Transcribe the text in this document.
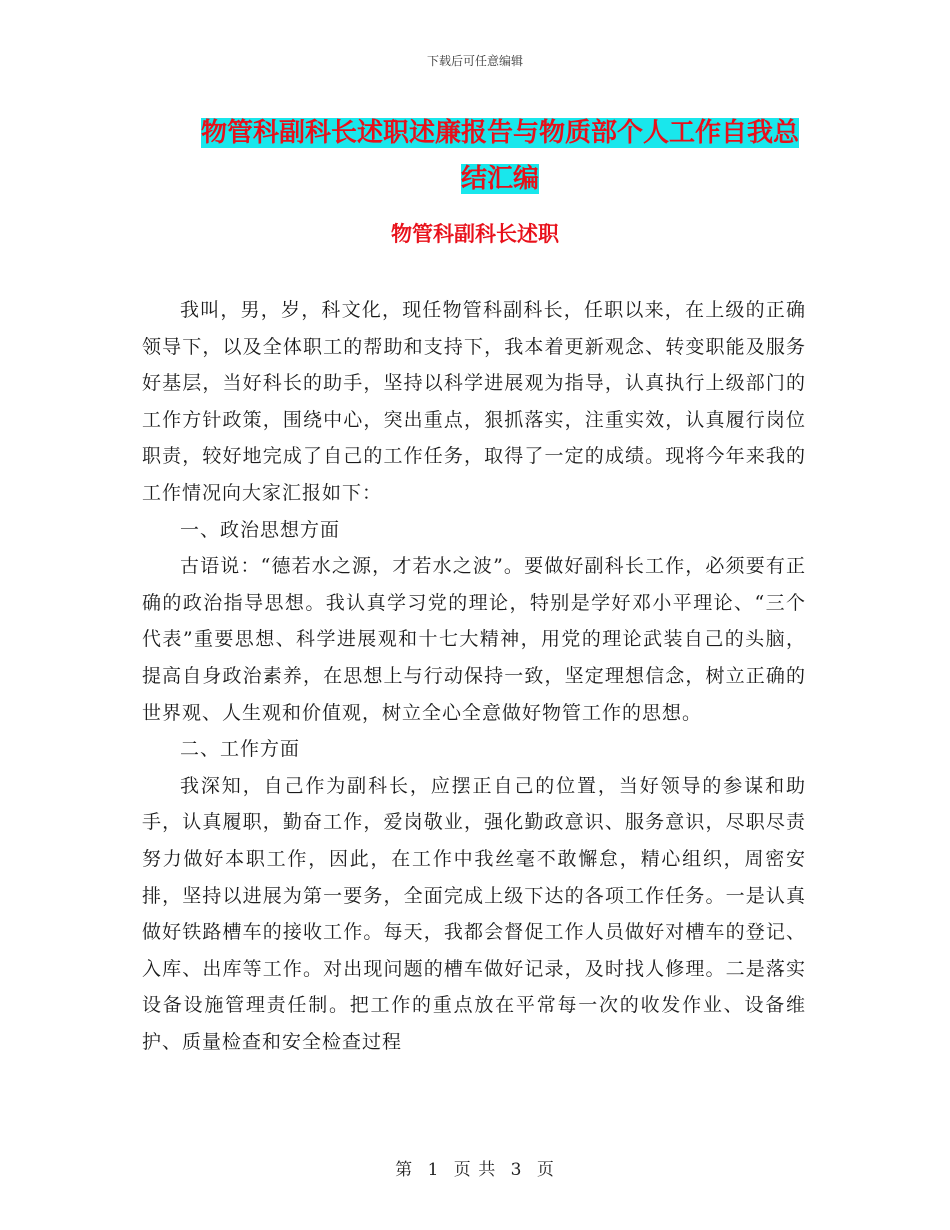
下载后可任意编辑
物管科副科长述职述廉报告与物质部个人工作自我总
结汇编
物管科副科长述职

我叫，男，岁，科文化，现任物管科副科长，任职以来，在上级的正确领导下，以及全体职工的帮助和支持下，我本着更新观念、转变职能及服务好基层，当好科长的助手，坚持以科学进展观为指导，认真执行上级部门的工作方针政策，围绕中心，突出重点，狠抓落实，注重实效，认真履行岗位职责，较好地完成了自己的工作任务，取得了一定的成绩。现将今年来我的工作情况向大家汇报如下：

一、政治思想方面

古语说：“德若水之源，才若水之波”。要做好副科长工作，必须要有正确的政治指导思想。我认真学习党的理论，特别是学好邓小平理论、“三个代表”重要思想、科学进展观和十七大精神，用党的理论武装自己的头脑，提高自身政治素养，在思想上与行动保持一致，坚定理想信念，树立正确的世界观、人生观和价值观，树立全心全意做好物管工作的思想。

二、工作方面

我深知，自己作为副科长，应摆正自己的位置，当好领导的参谋和助手，认真履职，勤奋工作，爱岗敬业，强化勤政意识、服务意识，尽职尽责努力做好本职工作，因此，在工作中我丝毫不敢懈怠，精心组织，周密安排，坚持以进展为第一要务，全面完成上级下达的各项工作任务。一是认真做好铁路槽车的接收工作。每天，我都会督促工作人员做好对槽车的登记、入库、出库等工作。对出现问题的槽车做好记录，及时找人修理。二是落实设备设施管理责任制。把工作的重点放在平常每一次的收发作业、设备维护、质量检查和安全检查过程

第 1 页 共 3 页
